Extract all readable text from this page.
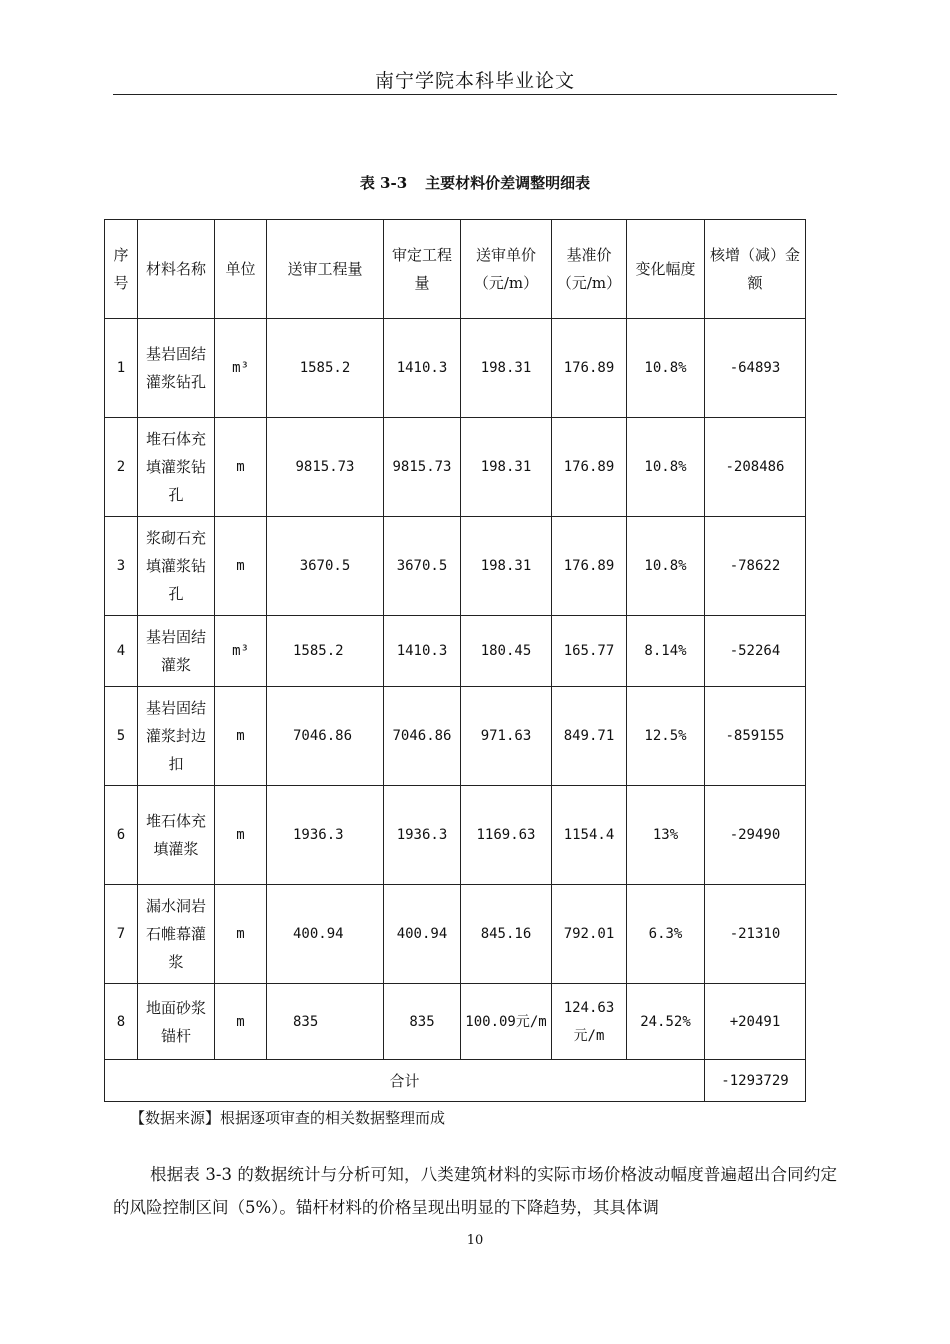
南宁学院本科毕业论文
表 3-3 主要材料价差调整明细表
序号	材料名称	单位	送审工程量	审定工程量	送审单价（元/m）	基准价（元/m）	变化幅度	核增（减）金额
1	基岩固结灌浆钻孔	m³	1585.2	1410.3	198.31	176.89	10.8%	-64893
2	堆石体充填灌浆钻孔	m	9815.73	9815.73	198.31	176.89	10.8%	-208486
3	浆砌石充填灌浆钻孔	m	3670.5	3670.5	198.31	176.89	10.8%	-78622
4	基岩固结灌浆	m³	1585.2	1410.3	180.45	165.77	8.14%	-52264
5	基岩固结灌浆封边扣	m	7046.86	7046.86	971.63	849.71	12.5%	-859155
6	堆石体充填灌浆	m	1936.3	1936.3	1169.63	1154.4	13%	-29490
7	漏水洞岩石帷幕灌浆	m	400.94	400.94	845.16	792.01	6.3%	-21310
8	地面砂浆锚杆	m	835	835	100.09元/m	124.63元/m	24.52%	+20491
合计								-1293729
【数据来源】根据逐项审查的相关数据整理而成
根据表 3-3 的数据统计与分析可知，八类建筑材料的实际市场价格波动幅度普遍超出合同约定的风险控制区间（5%）。锚杆材料的价格呈现出明显的下降趋势，其具体调
10
